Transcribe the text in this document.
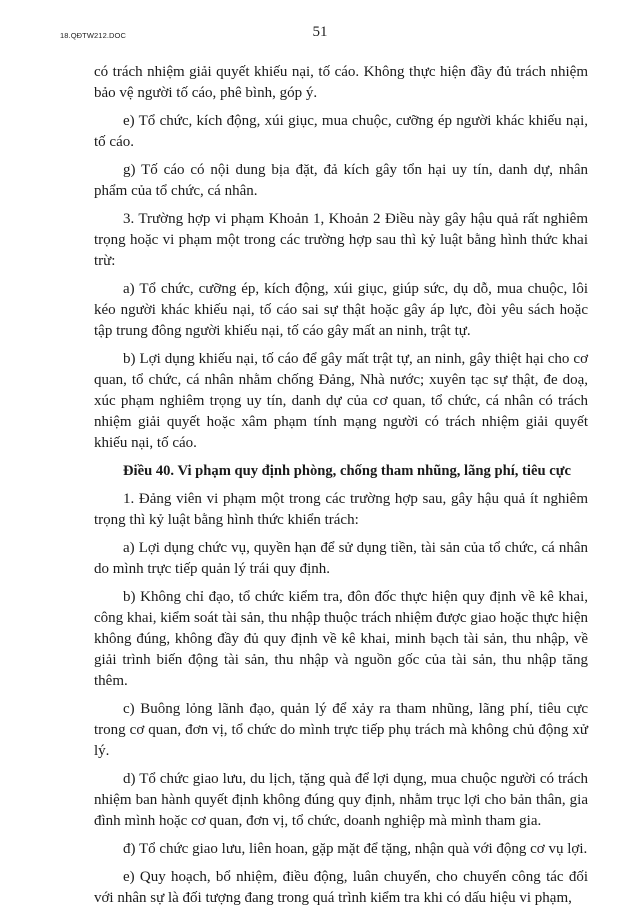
18.QĐTW212.DOC	51

có trách nhiệm giải quyết khiếu nại, tố cáo. Không thực hiện đầy đủ trách nhiệm bảo vệ người tố cáo, phê bình, góp ý.

e) Tổ chức, kích động, xúi giục, mua chuộc, cưỡng ép người khác khiếu nại, tố cáo.

g) Tố cáo có nội dung bịa đặt, đả kích gây tổn hại uy tín, danh dự, nhân phẩm của tổ chức, cá nhân.

3. Trường hợp vi phạm Khoản 1, Khoản 2 Điều này gây hậu quả rất nghiêm trọng hoặc vi phạm một trong các trường hợp sau thì kỷ luật bằng hình thức khai trừ:

a) Tổ chức, cưỡng ép, kích động, xúi giục, giúp sức, dụ dỗ, mua chuộc, lôi kéo người khác khiếu nại, tố cáo sai sự thật hoặc gây áp lực, đòi yêu sách hoặc tập trung đông người khiếu nại, tố cáo gây mất an ninh, trật tự.

b) Lợi dụng khiếu nại, tố cáo để gây mất trật tự, an ninh, gây thiệt hại cho cơ quan, tổ chức, cá nhân nhằm chống Đảng, Nhà nước; xuyên tạc sự thật, đe doạ, xúc phạm nghiêm trọng uy tín, danh dự của cơ quan, tổ chức, cá nhân có trách nhiệm giải quyết hoặc xâm phạm tính mạng người có trách nhiệm giải quyết khiếu nại, tố cáo.

Điều 40. Vi phạm quy định phòng, chống tham nhũng, lãng phí, tiêu cực

1. Đảng viên vi phạm một trong các trường hợp sau, gây hậu quả ít nghiêm trọng thì kỷ luật bằng hình thức khiển trách:

a) Lợi dụng chức vụ, quyền hạn để sử dụng tiền, tài sản của tổ chức, cá nhân do mình trực tiếp quản lý trái quy định.

b) Không chỉ đạo, tổ chức kiểm tra, đôn đốc thực hiện quy định về kê khai, công khai, kiểm soát tài sản, thu nhập thuộc trách nhiệm được giao hoặc thực hiện không đúng, không đầy đủ quy định về kê khai, minh bạch tài sản, thu nhập, về giải trình biến động tài sản, thu nhập và nguồn gốc của tài sản, thu nhập tăng thêm.

c) Buông lỏng lãnh đạo, quản lý để xảy ra tham nhũng, lãng phí, tiêu cực trong cơ quan, đơn vị, tổ chức do mình trực tiếp phụ trách mà không chủ động xử lý.

d) Tổ chức giao lưu, du lịch, tặng quà để lợi dụng, mua chuộc người có trách nhiệm ban hành quyết định không đúng quy định, nhằm trục lợi cho bản thân, gia đình mình hoặc cơ quan, đơn vị, tổ chức, doanh nghiệp mà mình tham gia.

đ) Tổ chức giao lưu, liên hoan, gặp mặt để tặng, nhận quà với động cơ vụ lợi.

e) Quy hoạch, bổ nhiệm, điều động, luân chuyển, cho chuyển công tác đối với nhân sự là đối tượng đang trong quá trình kiểm tra khi có dấu hiệu vi phạm,
